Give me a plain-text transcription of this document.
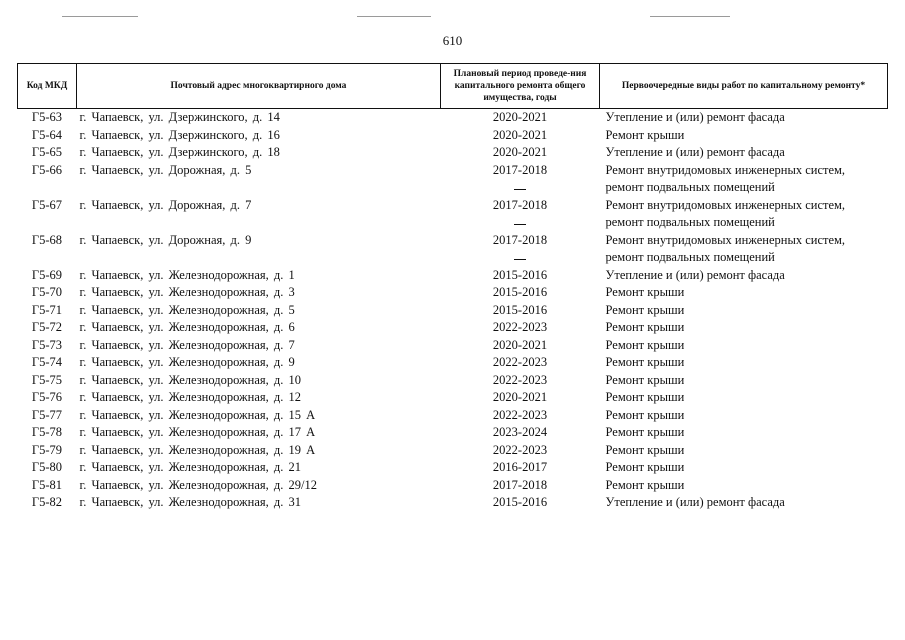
610
Код МКД	Почтовый адрес многоквартирного дома	Плановый период проведе-ния капитального ремонта общего имущества, годы	Первоочередные виды работ по капитальному ремонту*
Г5-63	г. Чапаевск, ул. Дзержинского, д. 14	2020-2021	Утепление и (или) ремонт фасада

Г5-64	г. Чапаевск, ул. Дзержинского, д. 16	2020-2021	Ремонт крыши

Г5-65	г. Чапаевск, ул. Дзержинского, д. 18	2020-2021	Утепление и (или) ремонт фасада

Г5-66	г. Чапаевск, ул. Дорожная, д. 5	2017-2018	Ремонт внутридомовых инженерных систем,
ремонт подвальных помещений

Г5-67	г. Чапаевск, ул. Дорожная, д. 7	2017-2018	Ремонт внутридомовых инженерных систем,
ремонт подвальных помещений

Г5-68	г. Чапаевск, ул. Дорожная, д. 9	2017-2018	Ремонт внутридомовых инженерных систем,
ремонт подвальных помещений

Г5-69	г. Чапаевск, ул. Железнодорожная, д. 1	2015-2016	Утепление и (или) ремонт фасада

Г5-70	г. Чапаевск, ул. Железнодорожная, д. 3	2015-2016	Ремонт крыши

Г5-71	г. Чапаевск, ул. Железнодорожная, д. 5	2015-2016	Ремонт крыши

Г5-72	г. Чапаевск, ул. Железнодорожная, д. 6	2022-2023	Ремонт крыши

Г5-73	г. Чапаевск, ул. Железнодорожная, д. 7	2020-2021	Ремонт крыши

Г5-74	г. Чапаевск, ул. Железнодорожная, д. 9	2022-2023	Ремонт крыши

Г5-75	г. Чапаевск, ул. Железнодорожная, д. 10	2022-2023	Ремонт крыши

Г5-76	г. Чапаевск, ул. Железнодорожная, д. 12	2020-2021	Ремонт крыши

Г5-77	г. Чапаевск, ул. Железнодорожная, д. 15 А	2022-2023	Ремонт крыши

Г5-78	г. Чапаевск, ул. Железнодорожная, д. 17 А	2023-2024	Ремонт крыши

Г5-79	г. Чапаевск, ул. Железнодорожная, д. 19 А	2022-2023	Ремонт крыши

Г5-80	г. Чапаевск, ул. Железнодорожная, д. 21	2016-2017	Ремонт крыши

Г5-81	г. Чапаевск, ул. Железнодорожная, д. 29/12	2017-2018	Ремонт крыши

Г5-82	г. Чапаевск, ул. Железнодорожная, д. 31	2015-2016	Утепление и (или) ремонт фасада
